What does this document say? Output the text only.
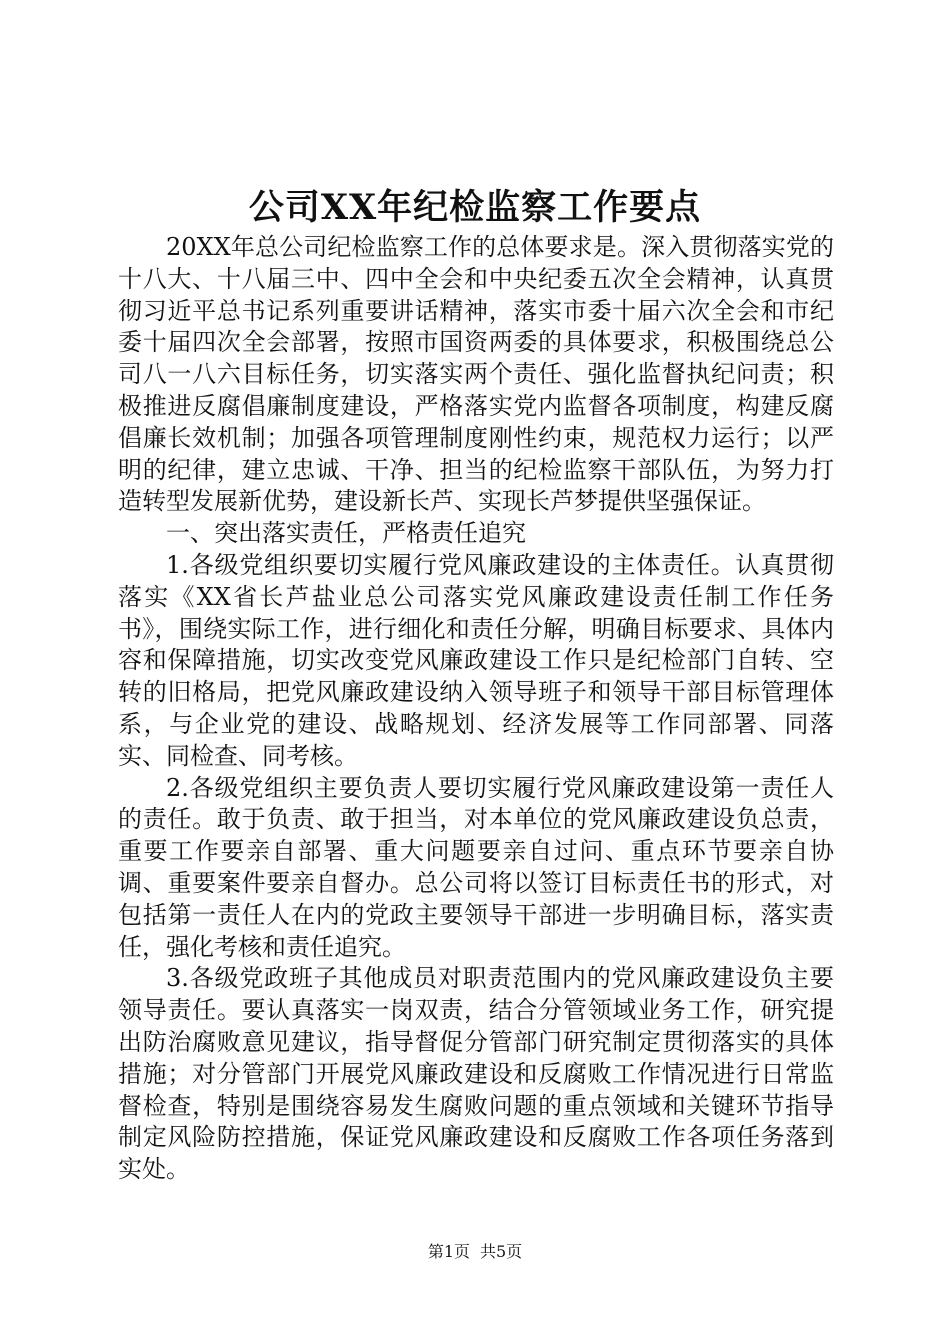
公司XX年纪检监察工作要点

20XX年总公司纪检监察工作的总体要求是。深入贯彻落实党的十八大、十八届三中、四中全会和中央纪委五次全会精神，认真贯彻习近平总书记系列重要讲话精神，落实市委十届六次全会和市纪委十届四次全会部署，按照市国资两委的具体要求，积极围绕总公司八一八六目标任务，切实落实两个责任、强化监督执纪问责；积极推进反腐倡廉制度建设，严格落实党内监督各项制度，构建反腐倡廉长效机制；加强各项管理制度刚性约束，规范权力运行；以严明的纪律，建立忠诚、干净、担当的纪检监察干部队伍，为努力打造转型发展新优势，建设新长芦、实现长芦梦提供坚强保证。

一、突出落实责任，严格责任追究

1.各级党组织要切实履行党风廉政建设的主体责任。认真贯彻落实《XX省长芦盐业总公司落实党风廉政建设责任制工作任务书》，围绕实际工作，进行细化和责任分解，明确目标要求、具体内容和保障措施，切实改变党风廉政建设工作只是纪检部门自转、空转的旧格局，把党风廉政建设纳入领导班子和领导干部目标管理体系，与企业党的建设、战略规划、经济发展等工作同部署、同落实、同检查、同考核。

2.各级党组织主要负责人要切实履行党风廉政建设第一责任人的责任。敢于负责、敢于担当，对本单位的党风廉政建设负总责，重要工作要亲自部署、重大问题要亲自过问、重点环节要亲自协调、重要案件要亲自督办。总公司将以签订目标责任书的形式，对包括第一责任人在内的党政主要领导干部进一步明确目标，落实责任，强化考核和责任追究。

3.各级党政班子其他成员对职责范围内的党风廉政建设负主要领导责任。要认真落实一岗双责，结合分管领域业务工作，研究提出防治腐败意见建议，指导督促分管部门研究制定贯彻落实的具体措施；对分管部门开展党风廉政建设和反腐败工作情况进行日常监督检查，特别是围绕容易发生腐败问题的重点领域和关键环节指导制定风险防控措施，保证党风廉政建设和反腐败工作各项任务落到实处。

第1页 共5页
